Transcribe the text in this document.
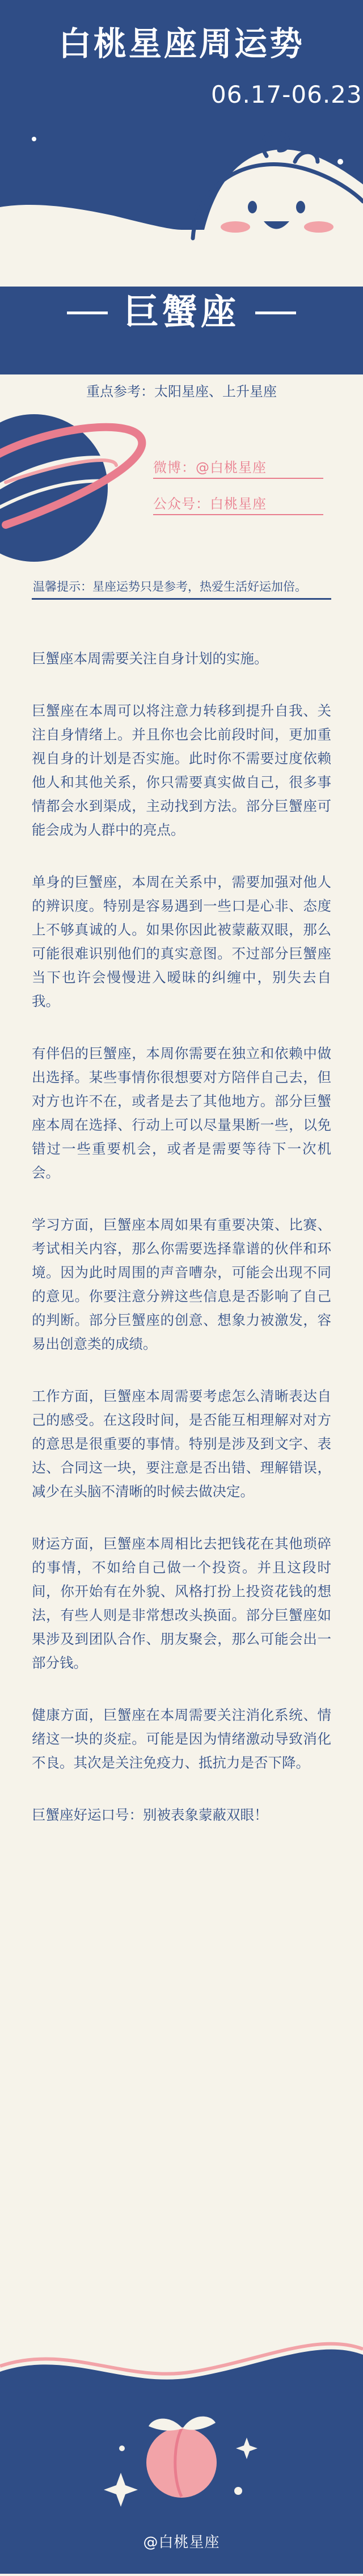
白桃星座周运势
06.17-06.23
巨蟹座
重点参考：太阳星座、上升星座
微博：@白桃星座
公众号：白桃星座
温馨提示：星座运势只是参考，热爱生活好运加倍。

巨蟹座本周需要关注自身计划的实施。

巨蟹座在本周可以将注意力转移到提升自我、关注自身情绪上。并且你也会比前段时间，更加重视自身的计划是否实施。此时你不需要过度依赖他人和其他关系，你只需要真实做自己，很多事情都会水到渠成，主动找到方法。部分巨蟹座可能会成为人群中的亮点。

单身的巨蟹座，本周在关系中，需要加强对他人的辨识度。特别是容易遇到一些口是心非、态度上不够真诚的人。如果你因此被蒙蔽双眼，那么可能很难识别他们的真实意图。不过部分巨蟹座当下也许会慢慢进入暧昧的纠缠中，别失去自我。

有伴侣的巨蟹座，本周你需要在独立和依赖中做出选择。某些事情你很想要对方陪伴自己去，但对方也许不在，或者是去了其他地方。部分巨蟹座本周在选择、行动上可以尽量果断一些，以免错过一些重要机会，或者是需要等待下一次机会。

学习方面，巨蟹座本周如果有重要决策、比赛、考试相关内容，那么你需要选择靠谱的伙伴和环境。因为此时周围的声音嘈杂，可能会出现不同的意见。你要注意分辨这些信息是否影响了自己的判断。部分巨蟹座的创意、想象力被激发，容易出创意类的成绩。

工作方面，巨蟹座本周需要考虑怎么清晰表达自己的感受。在这段时间，是否能互相理解对对方的意思是很重要的事情。特别是涉及到文字、表达、合同这一块，要注意是否出错、理解错误，减少在头脑不清晰的时候去做决定。

财运方面，巨蟹座本周相比去把钱花在其他琐碎的事情，不如给自己做一个投资。并且这段时间，你开始有在外貌、风格打扮上投资花钱的想法，有些人则是非常想改头换面。部分巨蟹座如果涉及到团队合作、朋友聚会，那么可能会出一部分钱。

健康方面，巨蟹座在本周需要关注消化系统、情绪这一块的炎症。可能是因为情绪激动导致消化不良。其次是关注免疫力、抵抗力是否下降。

巨蟹座好运口号：别被表象蒙蔽双眼！

@白桃星座
